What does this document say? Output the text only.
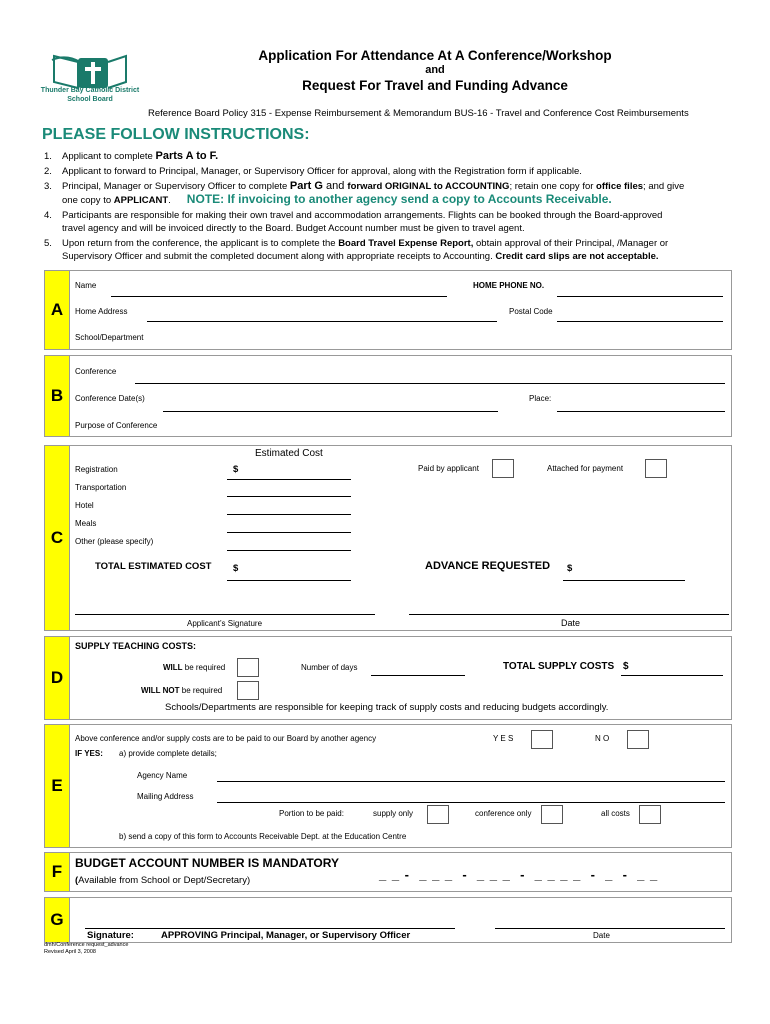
Thunder Bay Catholic District School Board
Application For Attendance At A Conference/Workshop
and
Request For Travel and Funding Advance
Reference Board Policy 315 - Expense Reimbursement & Memorandum BUS-16 - Travel and Conference Cost Reimbursements
PLEASE FOLLOW INSTRUCTIONS:
1.	Applicant to complete Parts A to F.
2.	Applicant to forward to Principal, Manager, or Supervisory Officer for approval, along with the Registration form if applicable.
3.	Principal, Manager or Supervisory Officer to complete Part G and forward ORIGINAL to ACCOUNTING; retain one copy for office files; and give
one copy to APPLICANT. NOTE: If invoicing to another agency send a copy to Accounts Receivable.
4.	Participants are responsible for making their own travel and accommodation arrangements. Flights can be booked through the Board-approved
travel agency and will be invoiced directly to the Board. Budget Account number must be given to travel agent.
5.	Upon return from the conference, the applicant is to complete the Board Travel Expense Report, obtain approval of their Principal, /Manager or
Supervisory Officer and submit the completed document along with appropriate receipts to Accounting. Credit card slips are not acceptable.
A
Name	HOME PHONE NO.
Home Address	Postal Code
School/Department
B
Conference
Conference Date(s)	Place:
Purpose of Conference
C
Estimated Cost
Registration	$	Paid by applicant	Attached for payment
Transportation
Hotel
Meals
Other (please specify)
TOTAL ESTIMATED COST $	ADVANCE REQUESTED $
Applicant’s Signature	Date
D
SUPPLY TEACHING COSTS:
WILL be required	Number of days	TOTAL SUPPLY COSTS $
WILL NOT be required
Schools/Departments are responsible for keeping track of supply costs and reducing budgets accordingly.
E
Above conference and/or supply costs are to be paid to our Board by another agency	Y E S	N O
IF YES: a) provide complete details;
Agency Name
Mailing Address
Portion to be paid:	supply only	conference only	all costs
b) send a copy of this form to Accounts Receivable Dept. at the Education Centre
F	BUDGET ACCOUNT NUMBER IS MANDATORY
(Available from School or Dept/Secretary)	_ _ -  _ _ _  -  _ _ _  -  _ _ _ _  -  _  -  _ _
G
Signature:	APPROVING Principal, Manager, or Supervisory Officer	Date
dmh/Conference request_advance
Revised April 3, 2008
